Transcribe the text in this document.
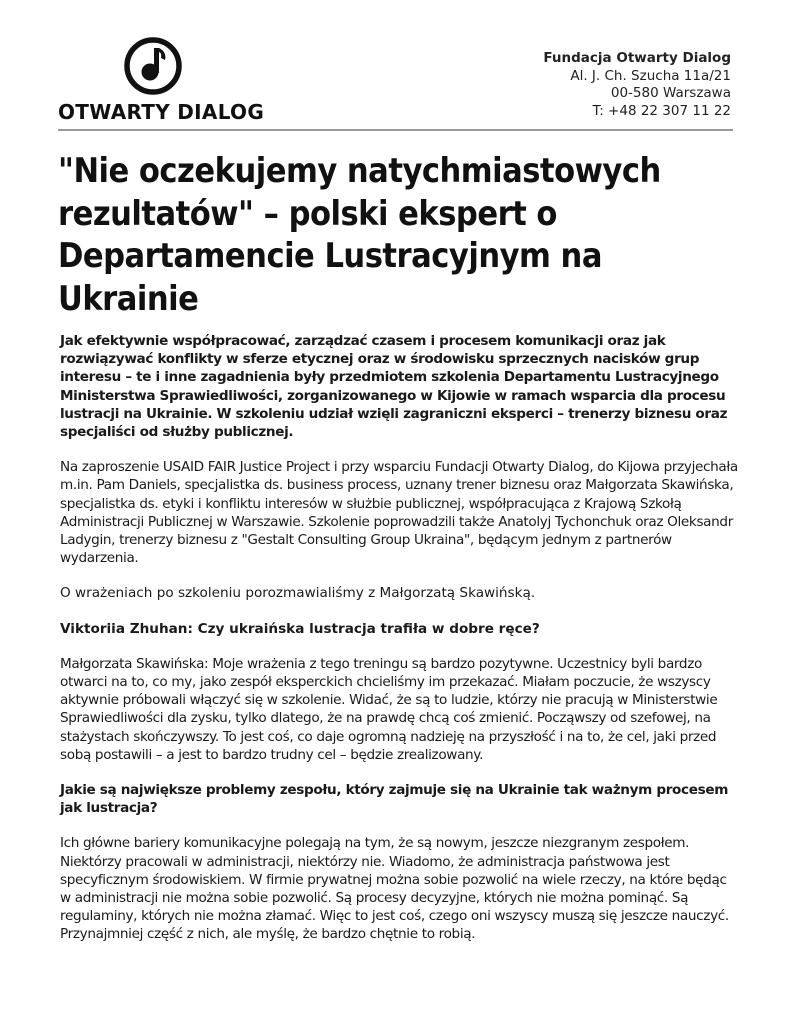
OTWARTY DIALOG
Fundacja Otwarty Dialog
Al. J. Ch. Szucha 11a/21
00-580 Warszawa
T: +48 22 307 11 22
"Nie oczekujemy natychmiastowych rezultatów" – polski ekspert o Departamencie Lustracyjnym na Ukrainie

Jak efektywnie współpracować, zarządzać czasem i procesem komunikacji oraz jak rozwiązywać konflikty w sferze etycznej oraz w środowisku sprzecznych nacisków grup interesu – te i inne zagadnienia były przedmiotem szkolenia Departamentu Lustracyjnego Ministerstwa Sprawiedliwości, zorganizowanego w Kijowie w ramach wsparcia dla procesu lustracji na Ukrainie. W szkoleniu udział wzięli zagraniczni eksperci – trenerzy biznesu oraz specjaliści od służby publicznej.

Na zaproszenie USAID FAIR Justice Project i przy wsparciu Fundacji Otwarty Dialog, do Kijowa przyjechała m.in. Pam Daniels, specjalistka ds. business process, uznany trener biznesu oraz Małgorzata Skawińska, specjalistka ds. etyki i konfliktu interesów w służbie publicznej, współpracująca z Krajową Szkołą Administracji Publicznej w Warszawie. Szkolenie poprowadzili także Anatolyj Tychonchuk oraz Oleksandr Ladygin, trenerzy biznesu z "Gestalt Consulting Group Ukraina", będącym jednym z partnerów wydarzenia.

O wrażeniach po szkoleniu porozmawialiśmy z Małgorzatą Skawińską.

Viktoriia Zhuhan: Czy ukraińska lustracja trafiła w dobre ręce?

Małgorzata Skawińska: Moje wrażenia z tego treningu są bardzo pozytywne. Uczestnicy byli bardzo otwarci na to, co my, jako zespół eksperckich chcieliśmy im przekazać. Miałam poczucie, że wszyscy aktywnie próbowali włączyć się w szkolenie. Widać, że są to ludzie, którzy nie pracują w Ministerstwie Sprawiedliwości dla zysku, tylko dlatego, że na prawdę chcą coś zmienić. Począwszy od szefowej, na stażystach skończywszy. To jest coś, co daje ogromną nadzieję na przyszłość i na to, że cel, jaki przed sobą postawili – a jest to bardzo trudny cel – będzie zrealizowany.

Jakie są największe problemy zespołu, który zajmuje się na Ukrainie tak ważnym procesem jak lustracja?

Ich główne bariery komunikacyjne polegają na tym, że są nowym, jeszcze niezgranym zespołem. Niektórzy pracowali w administracji, niektórzy nie. Wiadomo, że administracja państwowa jest specyficznym środowiskiem. W firmie prywatnej można sobie pozwolić na wiele rzeczy, na które będąc w administracji nie można sobie pozwolić. Są procesy decyzyjne, których nie można pominąć. Są regulaminy, których nie można złamać. Więc to jest coś, czego oni wszyscy muszą się jeszcze nauczyć. Przynajmniej część z nich, ale myślę, że bardzo chętnie to robią.
